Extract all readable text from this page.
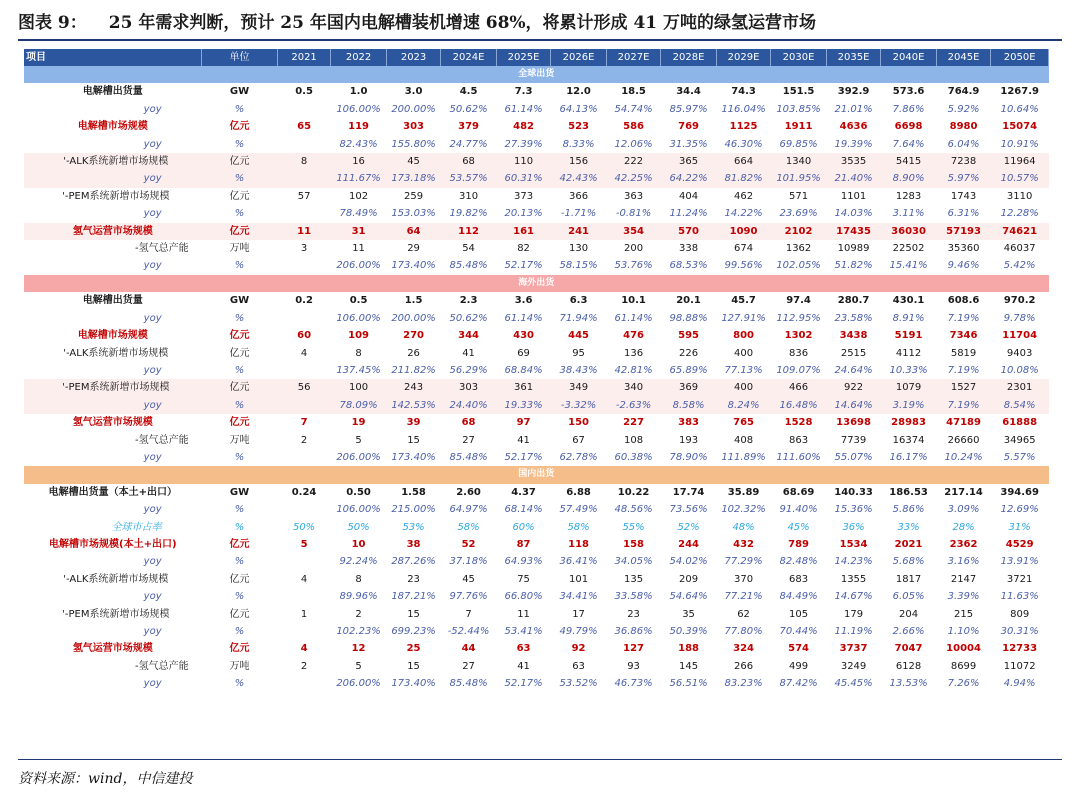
图表 9： 25 年需求判断，预计 25 年国内电解槽装机增速 68%，将累计形成 41 万吨的绿氢运营市场
项目	单位	2021	2022	2023	2024E	2025E	2026E	2027E	2028E	2029E	2030E	2035E	2040E	2045E	2050E
全球出货															
电解槽出货量	GW	0.5	1.0	3.0	4.5	7.3	12.0	18.5	34.4	74.3	151.5	392.9	573.6	764.9	1267.9
yoy	%		106.00%	200.00%	50.62%	61.14%	64.13%	54.74%	85.97%	116.04%	103.85%	21.01%	7.86%	5.92%	10.64%
电解槽市场规模	亿元	65	119	303	379	482	523	586	769	1125	1911	4636	6698	8980	15074
yoy	%		82.43%	155.80%	24.77%	27.39%	8.33%	12.06%	31.35%	46.30%	69.85%	19.39%	7.64%	6.04%	10.91%
'-ALK系统新增市场规模	亿元	8	16	45	68	110	156	222	365	664	1340	3535	5415	7238	11964
yoy	%		111.67%	173.18%	53.57%	60.31%	42.43%	42.25%	64.22%	81.82%	101.95%	21.40%	8.90%	5.97%	10.57%
'-PEM系统新增市场规模	亿元	57	102	259	310	373	366	363	404	462	571	1101	1283	1743	3110
yoy	%		78.49%	153.03%	19.82%	20.13%	-1.71%	-0.81%	11.24%	14.22%	23.69%	14.03%	3.11%	6.31%	12.28%
氢气运营市场规模	亿元	11	31	64	112	161	241	354	570	1090	2102	17435	36030	57193	74621
-氢气总产能	万吨	3	11	29	54	82	130	200	338	674	1362	10989	22502	35360	46037
yoy	%		206.00%	173.40%	85.48%	52.17%	58.15%	53.76%	68.53%	99.56%	102.05%	51.82%	15.41%	9.46%	5.42%
海外出货															
电解槽出货量	GW	0.2	0.5	1.5	2.3	3.6	6.3	10.1	20.1	45.7	97.4	280.7	430.1	608.6	970.2
yoy	%		106.00%	200.00%	50.62%	61.14%	71.94%	61.14%	98.88%	127.91%	112.95%	23.58%	8.91%	7.19%	9.78%
电解槽市场规模	亿元	60	109	270	344	430	445	476	595	800	1302	3438	5191	7346	11704
'-ALK系统新增市场规模	亿元	4	8	26	41	69	95	136	226	400	836	2515	4112	5819	9403
yoy	%		137.45%	211.82%	56.29%	68.84%	38.43%	42.81%	65.89%	77.13%	109.07%	24.64%	10.33%	7.19%	10.08%
'-PEM系统新增市场规模	亿元	56	100	243	303	361	349	340	369	400	466	922	1079	1527	2301
yoy	%		78.09%	142.53%	24.40%	19.33%	-3.32%	-2.63%	8.58%	8.24%	16.48%	14.64%	3.19%	7.19%	8.54%
氢气运营市场规模	亿元	7	19	39	68	97	150	227	383	765	1528	13698	28983	47189	61888
-氢气总产能	万吨	2	5	15	27	41	67	108	193	408	863	7739	16374	26660	34965
yoy	%		206.00%	173.40%	85.48%	52.17%	62.78%	60.38%	78.90%	111.89%	111.60%	55.07%	16.17%	10.24%	5.57%
国内出货															
电解槽出货量（本土+出口）	GW	0.24	0.50	1.58	2.60	4.37	6.88	10.22	17.74	35.89	68.69	140.33	186.53	217.14	394.69
yoy	%		106.00%	215.00%	64.97%	68.14%	57.49%	48.56%	73.56%	102.32%	91.40%	15.36%	5.86%	3.09%	12.69%
全球市占率	%	50%	50%	53%	58%	60%	58%	55%	52%	48%	45%	36%	33%	28%	31%
电解槽市场规模(本土+出口)	亿元	5	10	38	52	87	118	158	244	432	789	1534	2021	2362	4529
yoy	%		92.24%	287.26%	37.18%	64.93%	36.41%	34.05%	54.02%	77.29%	82.48%	14.23%	5.68%	3.16%	13.91%
'-ALK系统新增市场规模	亿元	4	8	23	45	75	101	135	209	370	683	1355	1817	2147	3721
yoy	%		89.96%	187.21%	97.76%	66.80%	34.41%	33.58%	54.64%	77.21%	84.49%	14.67%	6.05%	3.39%	11.63%
'-PEM系统新增市场规模	亿元	1	2	15	7	11	17	23	35	62	105	179	204	215	809
yoy	%		102.23%	699.23%	-52.44%	53.41%	49.79%	36.86%	50.39%	77.80%	70.44%	11.19%	2.66%	1.10%	30.31%
氢气运营市场规模	亿元	4	12	25	44	63	92	127	188	324	574	3737	7047	10004	12733
-氢气总产能	万吨	2	5	15	27	41	63	93	145	266	499	3249	6128	8699	11072
yoy	%		206.00%	173.40%	85.48%	52.17%	53.52%	46.73%	56.51%	83.23%	87.42%	45.45%	13.53%	7.26%	4.94%
资料来源：wind，中信建投
